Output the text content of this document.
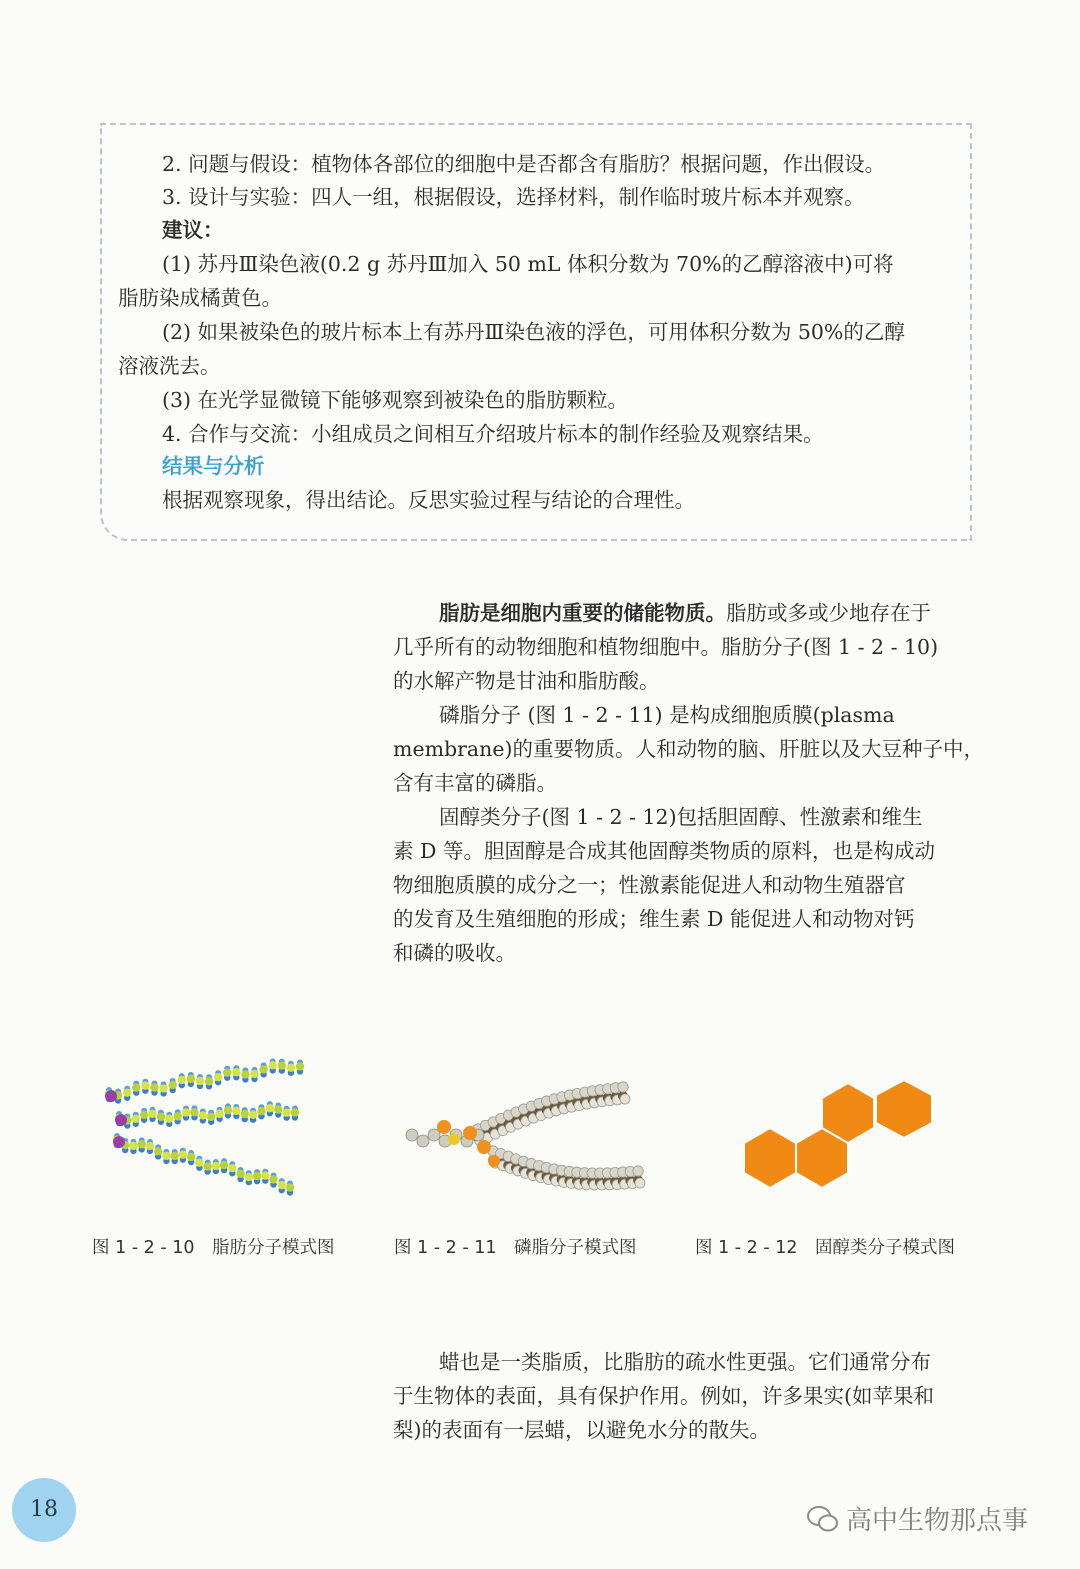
2. 问题与假设：植物体各部位的细胞中是否都含有脂肪？根据问题，作出假设。
3. 设计与实验：四人一组，根据假设，选择材料，制作临时玻片标本并观察。
建议：
(1) 苏丹Ⅲ染色液(0.2 g 苏丹Ⅲ加入 50 mL 体积分数为 70%的乙醇溶液中)可将
脂肪染成橘黄色。
(2) 如果被染色的玻片标本上有苏丹Ⅲ染色液的浮色，可用体积分数为 50%的乙醇
溶液洗去。
(3) 在光学显微镜下能够观察到被染色的脂肪颗粒。
4. 合作与交流：小组成员之间相互介绍玻片标本的制作经验及观察结果。
结果与分析
根据观察现象，得出结论。反思实验过程与结论的合理性。
脂肪是细胞内重要的储能物质。脂肪或多或少地存在于
几乎所有的动物细胞和植物细胞中。脂肪分子(图 1 - 2 - 10)
的水解产物是甘油和脂肪酸。
磷脂分子 (图 1 - 2 - 11) 是构成细胞质膜(plasma
membrane)的重要物质。人和动物的脑、肝脏以及大豆种子中，
含有丰富的磷脂。
固醇类分子(图 1 - 2 - 12)包括胆固醇、性激素和维生
素 D 等。胆固醇是合成其他固醇类物质的原料，也是构成动
物细胞质膜的成分之一；性激素能促进人和动物生殖器官
的发育及生殖细胞的形成；维生素 D 能促进人和动物对钙
和磷的吸收。
图 1 - 2 - 10　脂肪分子模式图	图 1 - 2 - 11　磷脂分子模式图	图 1 - 2 - 12　固醇类分子模式图
蜡也是一类脂质，比脂肪的疏水性更强。它们通常分布
于生物体的表面，具有保护作用。例如，许多果实(如苹果和
梨)的表面有一层蜡，以避免水分的散失。
18	高中生物那点事
